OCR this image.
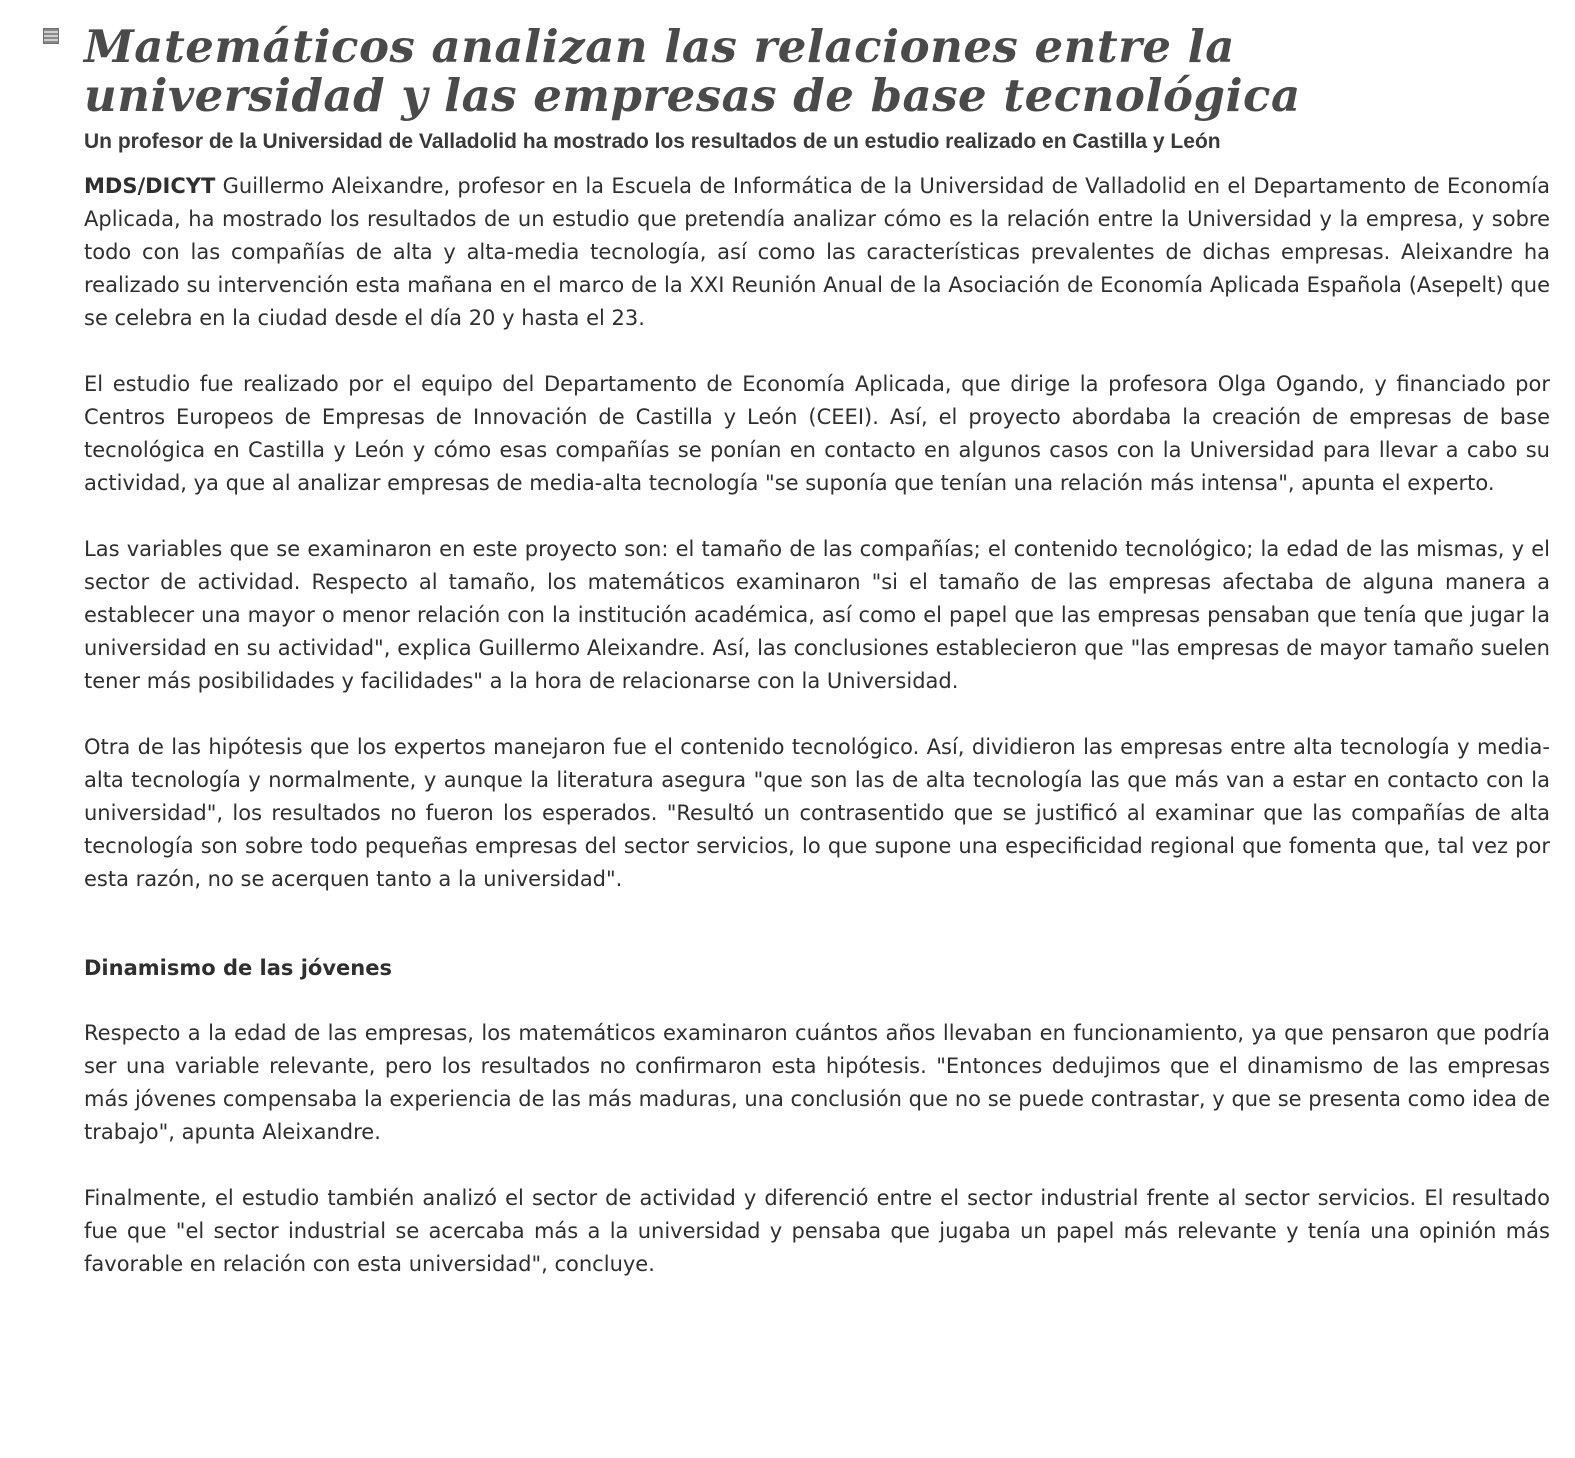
Matemáticos analizan las relaciones entre la universidad y las empresas de base tecnológica
Un profesor de la Universidad de Valladolid ha mostrado los resultados de un estudio realizado en Castilla y León

MDS/DICYT Guillermo Aleixandre, profesor en la Escuela de Informática de la Universidad de Valladolid en el Departamento de Economía Aplicada, ha mostrado los resultados de un estudio que pretendía analizar cómo es la relación entre la Universidad y la empresa, y sobre todo con las compañías de alta y alta-media tecnología, así como las características prevalentes de dichas empresas. Aleixandre ha realizado su intervención esta mañana en el marco de la XXI Reunión Anual de la Asociación de Economía Aplicada Española (Asepelt) que se celebra en la ciudad desde el día 20 y hasta el 23.

El estudio fue realizado por el equipo del Departamento de Economía Aplicada, que dirige la profesora Olga Ogando, y financiado por Centros Europeos de Empresas de Innovación de Castilla y León (CEEI). Así, el proyecto abordaba la creación de empresas de base tecnológica en Castilla y León y cómo esas compañías se ponían en contacto en algunos casos con la Universidad para llevar a cabo su actividad, ya que al analizar empresas de media-alta tecnología "se suponía que tenían una relación más intensa", apunta el experto.

Las variables que se examinaron en este proyecto son: el tamaño de las compañías; el contenido tecnológico; la edad de las mismas, y el sector de actividad. Respecto al tamaño, los matemáticos examinaron "si el tamaño de las empresas afectaba de alguna manera a establecer una mayor o menor relación con la institución académica, así como el papel que las empresas pensaban que tenía que jugar la universidad en su actividad", explica Guillermo Aleixandre. Así, las conclusiones establecieron que "las empresas de mayor tamaño suelen tener más posibilidades y facilidades" a la hora de relacionarse con la Universidad.

Otra de las hipótesis que los expertos manejaron fue el contenido tecnológico. Así, dividieron las empresas entre alta tecnología y media-alta tecnología y normalmente, y aunque la literatura asegura "que son las de alta tecnología las que más van a estar en contacto con la universidad", los resultados no fueron los esperados. "Resultó un contrasentido que se justificó al examinar que las compañías de alta tecnología son sobre todo pequeñas empresas del sector servicios, lo que supone una especificidad regional que fomenta que, tal vez por esta razón, no se acerquen tanto a la universidad".

Dinamismo de las jóvenes

Respecto a la edad de las empresas, los matemáticos examinaron cuántos años llevaban en funcionamiento, ya que pensaron que podría ser una variable relevante, pero los resultados no confirmaron esta hipótesis. "Entonces dedujimos que el dinamismo de las empresas más jóvenes compensaba la experiencia de las más maduras, una conclusión que no se puede contrastar, y que se presenta como idea de trabajo", apunta Aleixandre.

Finalmente, el estudio también analizó el sector de actividad y diferenció entre el sector industrial frente al sector servicios. El resultado fue que "el sector industrial se acercaba más a la universidad y pensaba que jugaba un papel más relevante y tenía una opinión más favorable en relación con esta universidad", concluye.
